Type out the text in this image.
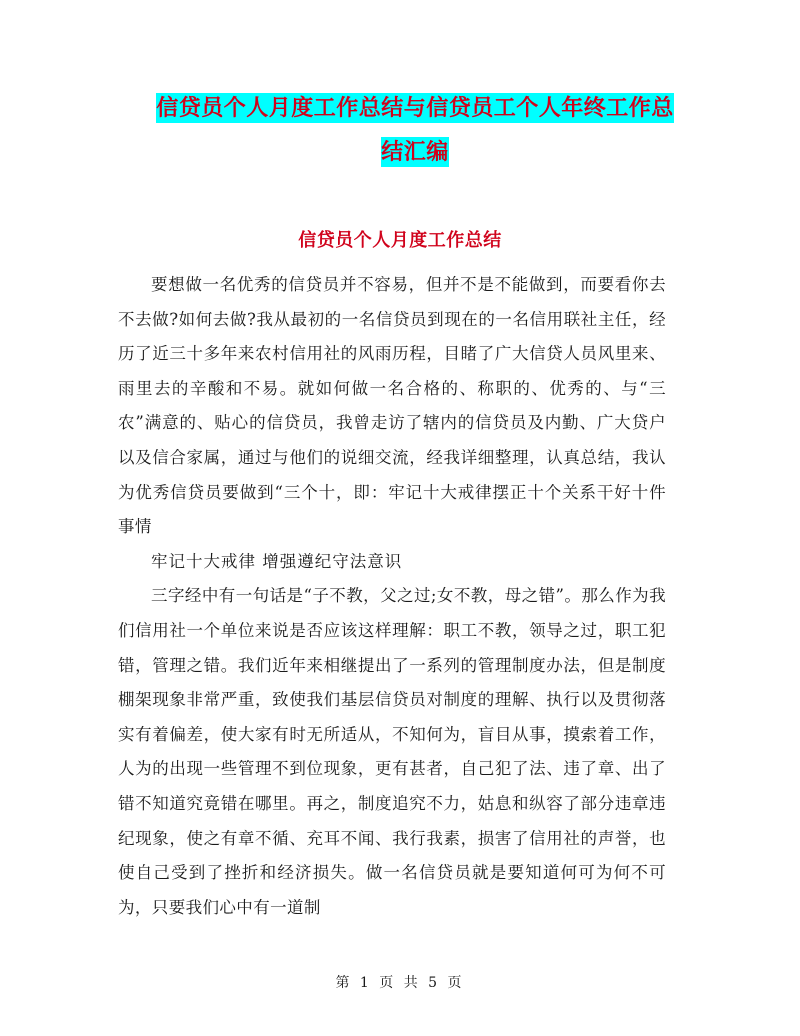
信贷员个人月度工作总结与信贷员工个人年终工作总结汇编
信贷员个人月度工作总结

要想做一名优秀的信贷员并不容易，但并不是不能做到，而要看你去不去做?如何去做?我从最初的一名信贷员到现在的一名信用联社主任，经历了近三十多年来农村信用社的风雨历程，目睹了广大信贷人员风里来、雨里去的辛酸和不易。就如何做一名合格的、称职的、优秀的、与“三农”满意的、贴心的信贷员，我曾走访了辖内的信贷员及内勤、广大贷户以及信合家属，通过与他们的说细交流，经我详细整理，认真总结，我认为优秀信贷员要做到“三个十，即：牢记十大戒律摆正十个关系干好十件事情

牢记十大戒律 增强遵纪守法意识

三字经中有一句话是“子不教，父之过;女不教，母之错”。那么作为我们信用社一个单位来说是否应该这样理解：职工不教，领导之过，职工犯错，管理之错。我们近年来相继提出了一系列的管理制度办法，但是制度棚架现象非常严重，致使我们基层信贷员对制度的理解、执行以及贯彻落实有着偏差，使大家有时无所适从，不知何为，盲目从事，摸索着工作，人为的出现一些管理不到位现象，更有甚者，自己犯了法、违了章、出了错不知道究竟错在哪里。再之，制度追究不力，姑息和纵容了部分违章违纪现象，使之有章不循、充耳不闻、我行我素，损害了信用社的声誉，也使自己受到了挫折和经济损失。做一名信贷员就是要知道何可为何不可为，只要我们心中有一道制

第 1 页 共 5 页
